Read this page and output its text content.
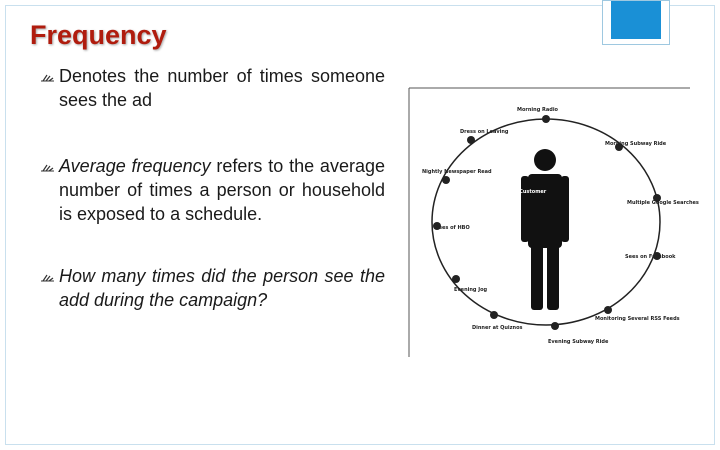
Frequency

Denotes the number of times someone sees the ad

Average frequency refers to the average number of times a person or household is exposed to a schedule.

How many times did the person see the add during the campaign?

Morning Radio
Morning Subway Ride
Multiple Google Searches
Sees on Facebook
Monitoring Several RSS Feeds
Evening Subway Ride
Dinner at Quiznos
Evening Jog
Sees of HBO
Nightly Newspaper Read
Dress on Leaving
Typical Customer
